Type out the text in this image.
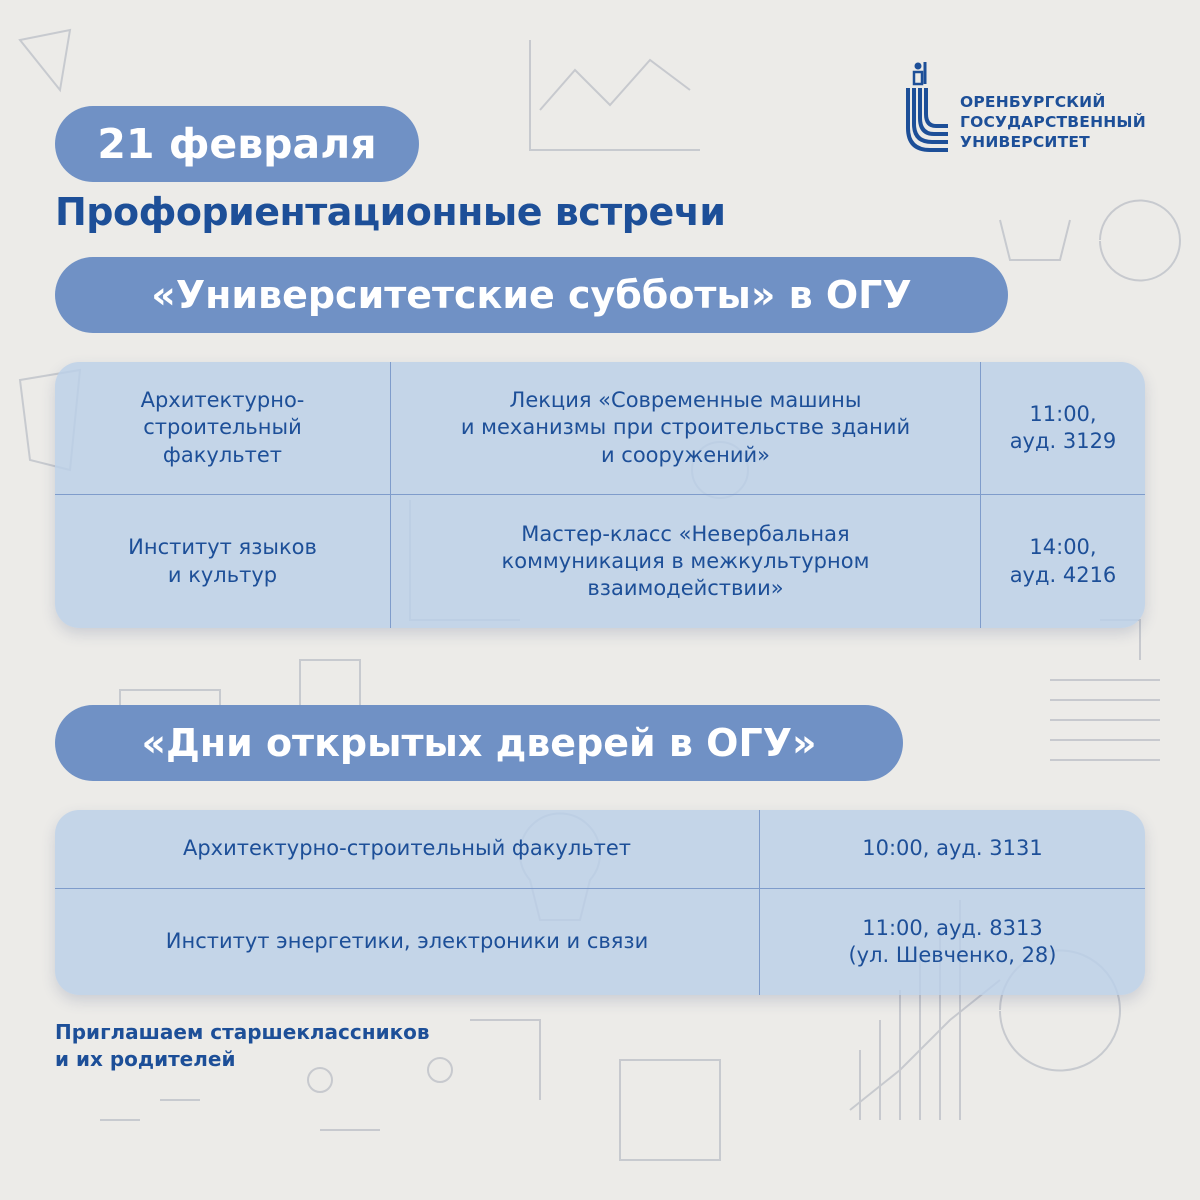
ОРЕНБУРГСКИЙ
ГОСУДАРСТВЕННЫЙ
УНИВЕРСИТЕТ
21 февраля
Профориентационные встречи
«Университетские субботы» в ОГУ
Архитектурно-
строительный
факультет
Лекция «Современные машины
и механизмы при строительстве зданий
и сооружений»
11:00,
ауд. 3129
Институт языков
и культур
Мастер-класс «Невербальная
коммуникация в межкультурном
взаимодействии»
14:00,
ауд. 4216
«Дни открытых дверей в ОГУ»
Архитектурно-строительный факультет	10:00, ауд. 3131
Институт энергетики, электроники и связи
11:00, ауд. 8313
(ул. Шевченко, 28)
Приглашаем старшеклассников
и их родителей
